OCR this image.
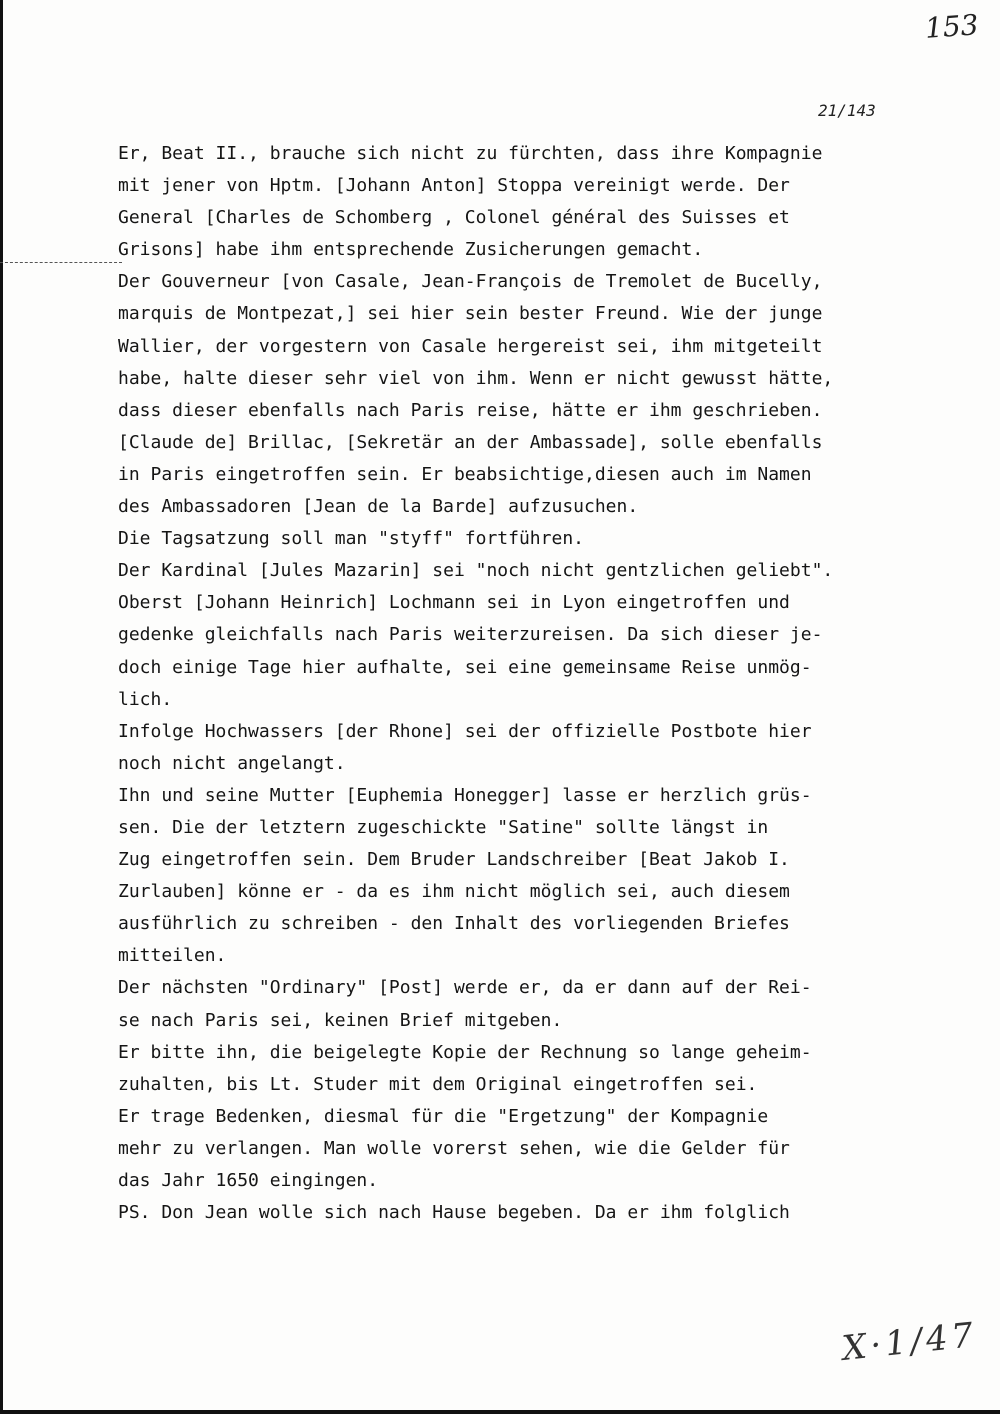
153
21/143
Er, Beat II., brauche sich nicht zu fürchten, dass ihre Kompagnie
mit jener von Hptm. [Johann Anton] Stoppa vereinigt werde. Der
General [Charles de Schomberg , Colonel général des Suisses et
Grisons] habe ihm entsprechende Zusicherungen gemacht.
Der Gouverneur [von Casale, Jean-François de Tremolet de Bucelly,
marquis de Montpezat,] sei hier sein bester Freund. Wie der junge
Wallier, der vorgestern von Casale hergereist sei, ihm mitgeteilt
habe, halte dieser sehr viel von ihm. Wenn er nicht gewusst hätte,
dass dieser ebenfalls nach Paris reise, hätte er ihm geschrieben.
[Claude de] Brillac, [Sekretär an der Ambassade], solle ebenfalls
in Paris eingetroffen sein. Er beabsichtige,diesen auch im Namen
des Ambassadoren [Jean de la Barde] aufzusuchen.
Die Tagsatzung soll man "styff" fortführen.
Der Kardinal [Jules Mazarin] sei "noch nicht gentzlichen geliebt".
Oberst [Johann Heinrich] Lochmann sei in Lyon eingetroffen und
gedenke gleichfalls nach Paris weiterzureisen. Da sich dieser je-
doch einige Tage hier aufhalte, sei eine gemeinsame Reise unmög-
lich.
Infolge Hochwassers [der Rhone] sei der offizielle Postbote hier
noch nicht angelangt.
Ihn und seine Mutter [Euphemia Honegger] lasse er herzlich grüs-
sen. Die der letztern zugeschickte "Satine" sollte längst in
Zug eingetroffen sein. Dem Bruder Landschreiber [Beat Jakob I.
Zurlauben] könne er - da es ihm nicht möglich sei, auch diesem
ausführlich zu schreiben - den Inhalt des vorliegenden Briefes
mitteilen.
Der nächsten "Ordinary" [Post] werde er, da er dann auf der Rei-
se nach Paris sei, keinen Brief mitgeben.
Er bitte ihn, die beigelegte Kopie der Rechnung so lange geheim-
zuhalten, bis Lt. Studer mit dem Original eingetroffen sei.
Er trage Bedenken, diesmal für die "Ergetzung" der Kompagnie
mehr zu verlangen. Man wolle vorerst sehen, wie die Gelder für
das Jahr 1650 eingingen.
PS. Don Jean wolle sich nach Hause begeben. Da er ihm folglich
X·1/47
